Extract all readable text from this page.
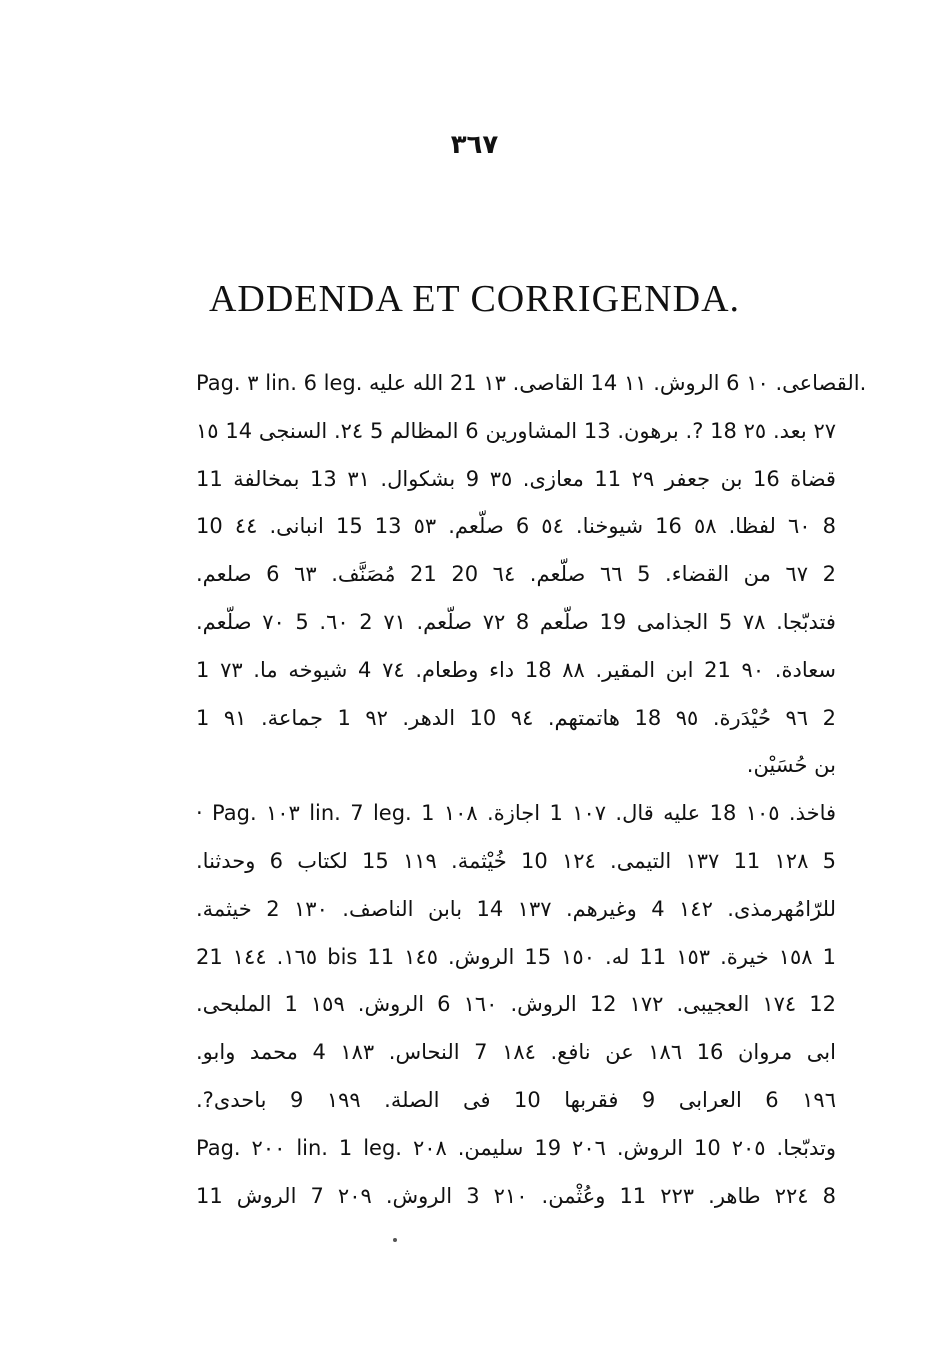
٣٦٧
ADDENDA ET CORRIGENDA.
Pag. ٣ lin. 6 leg. القصاعى. ١٠ 6 الروش. ١١ 14 القاصى. ١٣ 21 الله عليه.
٢٧ بعد. ٢٥ 18 ?. برهون. 13 المشاورين 6 المظالم 5 ٢٤. السنجى 14 ١٥
قضاة 16 بن جعفر ٢٩ 11 معازى. ٣٥ 9 بشكوال. ٣١ 13 بمخالفة 11
8 ٦٠ لفظا. ٥٨ 16 شيوخنا. ٥٤ 6 صلّعم. ٥٣ 13 15 انبانى. ٤٤ 10
2 ٦٧ من القضاء. 5 ٦٦ صلّعم. ٦٤ 20 21 مُصَنَّف. ٦٣ 6 صلعم.
فتدبّجا. ٧٨ 5 الجذامى 19 صلّعم 8 ٧٢ صلّعم. ٧١ 2 ٦٠. 5 ٧٠ صلّعم.
سعادة. ٩٠ 21 ابن المقير. ٨٨ 18 داء وطعام. ٧٤ 4 شيوخه ما. ٧٣ 1
2 ٩٦ حُيْدَرة. ٩٥ 18 هاتمتهم. ٩٤ 10 الدهر. ٩٢ 1 جماعة. ٩١ 1
بن حُسَيْن.
· Pag. ١٠٣ lin. 7 leg. فاخذ. ١٠٥ 18 عليه قال. ١٠٧ 1 اجازة. ١٠٨ 1
5 ١٢٨ 11 ١٣٧ التيمى. ١٢٤ 10 خُيْثمة. ١١٩ 15 لكتاب 6 وحدثنا.
للرّامُهرمذى. ١٤٢ 4 وغيرهم. ١٣٧ 14 بابن الناصف. ١٣٠ 2 خيثمة.
1 ١٥٨ خيرة. ١٥٣ 11 له. ١٥٠ 15 الروش. ١٤٥ 11 bis ١٦٥. ١٤٤ 21
12 ١٧٤ العجيبى. ١٧٢ 12 الروش. ١٦٠ 6 الروش. ١٥٩ 1 الملبحى.
ابى مروان 16 ١٨٦ عن نافع. ١٨٤ 7 النحاس. ١٨٣ 4 محمد وابو.
١٩٦ 6 العرابى 9 فقربها 10 فى الصلة. ١٩٩ 9 باحدى?.
Pag. ٢٠٠ lin. 1 leg. وتدبّجا. ٢٠٥ 10 الروش. ٢٠٦ 19 سليمن. ٢٠٨
8 ٢٢٤ طاهر. ٢٢٣ 11 وعُثْمن. ٢١٠ 3 الروش. ٢٠٩ 7 الروش 11
